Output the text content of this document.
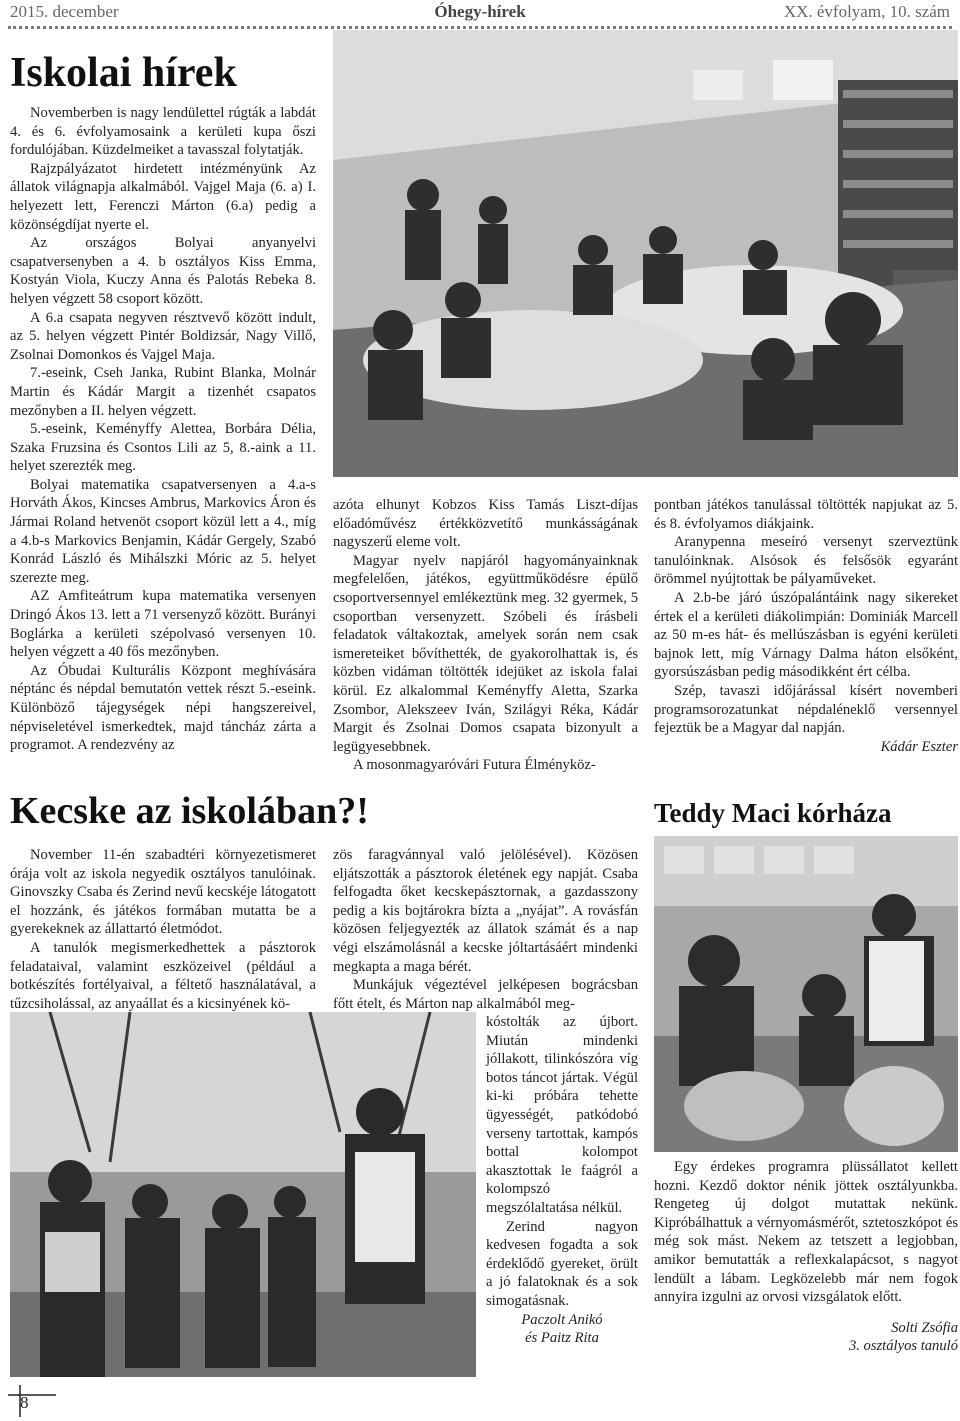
2015. december	Óhegy-hírek	XX. évfolyam, 10. szám
Iskolai hírek

Novemberben is nagy lendülettel rúgták a labdát 4. és 6. évfolyamosaink a kerületi kupa őszi fordulójában. Küzdelmeiket a tavasszal folytatják.

Rajzpályázatot hirdetett intézményünk Az állatok világnapja alkalmából. Vajgel Maja (6. a) I. helyezett lett, Ferenczi Márton (6.a) pedig a közönségdíjat nyerte el.

Az országos Bolyai anyanyelvi csapatversenyben a 4. b osztályos Kiss Emma, Kostyán Viola, Kuczy Anna és Palotás Rebeka 8. helyen végzett 58 csoport között.

A 6.a csapata negyven résztvevő között indult, az 5. helyen végzett Pintér Boldizsár, Nagy Villő, Zsolnai Domonkos és Vajgel Maja.

7.-eseink, Cseh Janka, Rubint Blanka, Molnár Martin és Kádár Margit a tizenhét csapatos mezőnyben a II. helyen végzett.

5.-eseink, Keményffy Alettea, Borbára Délia, Szaka Fruzsina és Csontos Lili az 5, 8.-aink a 11. helyet szerezték meg.

Bolyai matematika csapatversenyen a 4.a-s Horváth Ákos, Kincses Ambrus, Markovics Áron és Jármai Roland hetvenöt csoport közül lett a 4., míg a 4.b-s Markovics Benjamin, Kádár Gergely, Szabó Konrád László és Mihálszki Móric az 5. helyet szerezte meg.

AZ Amfiteátrum kupa matematika versenyen Dringó Ákos 13. lett a 71 versenyző között. Burányi Boglárka a kerületi szépolvasó versenyen 10. helyen végzett a 40 fős mezőnyben.

Az Óbudai Kulturális Központ meghívására néptánc és népdal bemutatón vettek részt 5.-eseink. Különböző tájegységek népi hangszereivel, népviseletével ismerkedtek, majd táncház zárta a programot. A rendezvény az

azóta elhunyt Kobzos Kiss Tamás Liszt-díjas előadóművész értékközvetítő munkásságának nagyszerű eleme volt.

Magyar nyelv napjáról hagyományainknak megfelelően, játékos, együttműködésre épülő csoportversennyel emlékeztünk meg. 32 gyermek, 5 csoportban versenyzett. Szóbeli és írásbeli feladatok váltakoztak, amelyek során nem csak ismereteiket bővíthették, de gyakorolhattak is, és közben vidáman töltötték idejüket az iskola falai körül. Ez alkalommal Keményffy Aletta, Szarka Zsombor, Alekszeev Iván, Szilágyi Réka, Kádár Margit és Zsolnai Domos csapata bizonyult a legügyesebbnek.

A mosonmagyaróvári Futura Élményköz-

pontban játékos tanulással töltötték napjukat az 5. és 8. évfolyamos diákjaink.

Aranypenna meseíró versenyt szerveztünk tanulóinknak. Alsósok és felsősök egyaránt örömmel nyújtottak be pályaműveket.

A 2.b-be járó úszópalántáink nagy sikereket értek el a kerületi diákolimpián: Dominiák Marcell az 50 m-es hát- és mellúszásban is egyéni kerületi bajnok lett, míg Várnagy Dalma háton elsőként, gyorsúszásban pedig másodikként ért célba.

Szép, tavaszi időjárással kísért novemberi programsorozatunkat népdaléneklő versennyel fejeztük be a Magyar dal napján.

Kádár Eszter

Kecske az iskolában?!

November 11-én szabadtéri környezetismeret órája volt az iskola negyedik osztályos tanulóinak. Ginovszky Csaba és Zerind nevű kecskéje látogatott el hozzánk, és játékos formában mutatta be a gyerekeknek az állattartó életmódot.

A tanulók megismerkedhettek a pásztorok feladataival, valamint eszközeivel (például a botkészítés fortélyaival, a féltető használatával, a tűzcsiholással, az anyaállat és a kicsinyének kö-

zös faragvánnyal való jelölésével). Közösen eljátszották a pásztorok életének egy napját. Csaba felfogadta őket kecskepásztornak, a gazdasszony pedig a kis bojtárokra bízta a „nyájat”. A rovásfán közösen feljegyezték az állatok számát és a nap végi elszámolásnál a kecske jóltartásáért mindenki megkapta a maga bérét.

Munkájuk végeztével jelképesen bográcsban főtt ételt, és Márton nap alkalmából meg-

kóstolták az újbort. Miután mindenki jóllakott, tilinkószóra víg botos táncot jártak. Végül ki-ki próbára tehette ügyességét, patkódobó verseny tartottak, kampós bottal kolompot akasztottak le faágról a kolompszó megszólaltatása nélkül.

Zerind nagyon kedvesen fogadta a sok érdeklődő gyereket, örült a jó falatoknak és a sok simogatásnak.

Paczolt Anikó

és Paitz Rita

Teddy Maci kórháza

Egy érdekes programra plüssállatot kellett hozni. Kezdő doktor nénik jöttek osztályunkba. Rengeteg új dolgot mutattak nekünk. Kipróbálhattuk a vérnyomásmérőt, sztetoszkópot és még sok mást. Nekem az tetszett a legjobban, amikor bemutatták a reflexkalapácsot, s nagyot lendült a lábam. Legközelebb már nem fogok annyira izgulni az orvosi vizsgálatok előtt.

Solti Zsófia

3. osztályos tanuló

8
